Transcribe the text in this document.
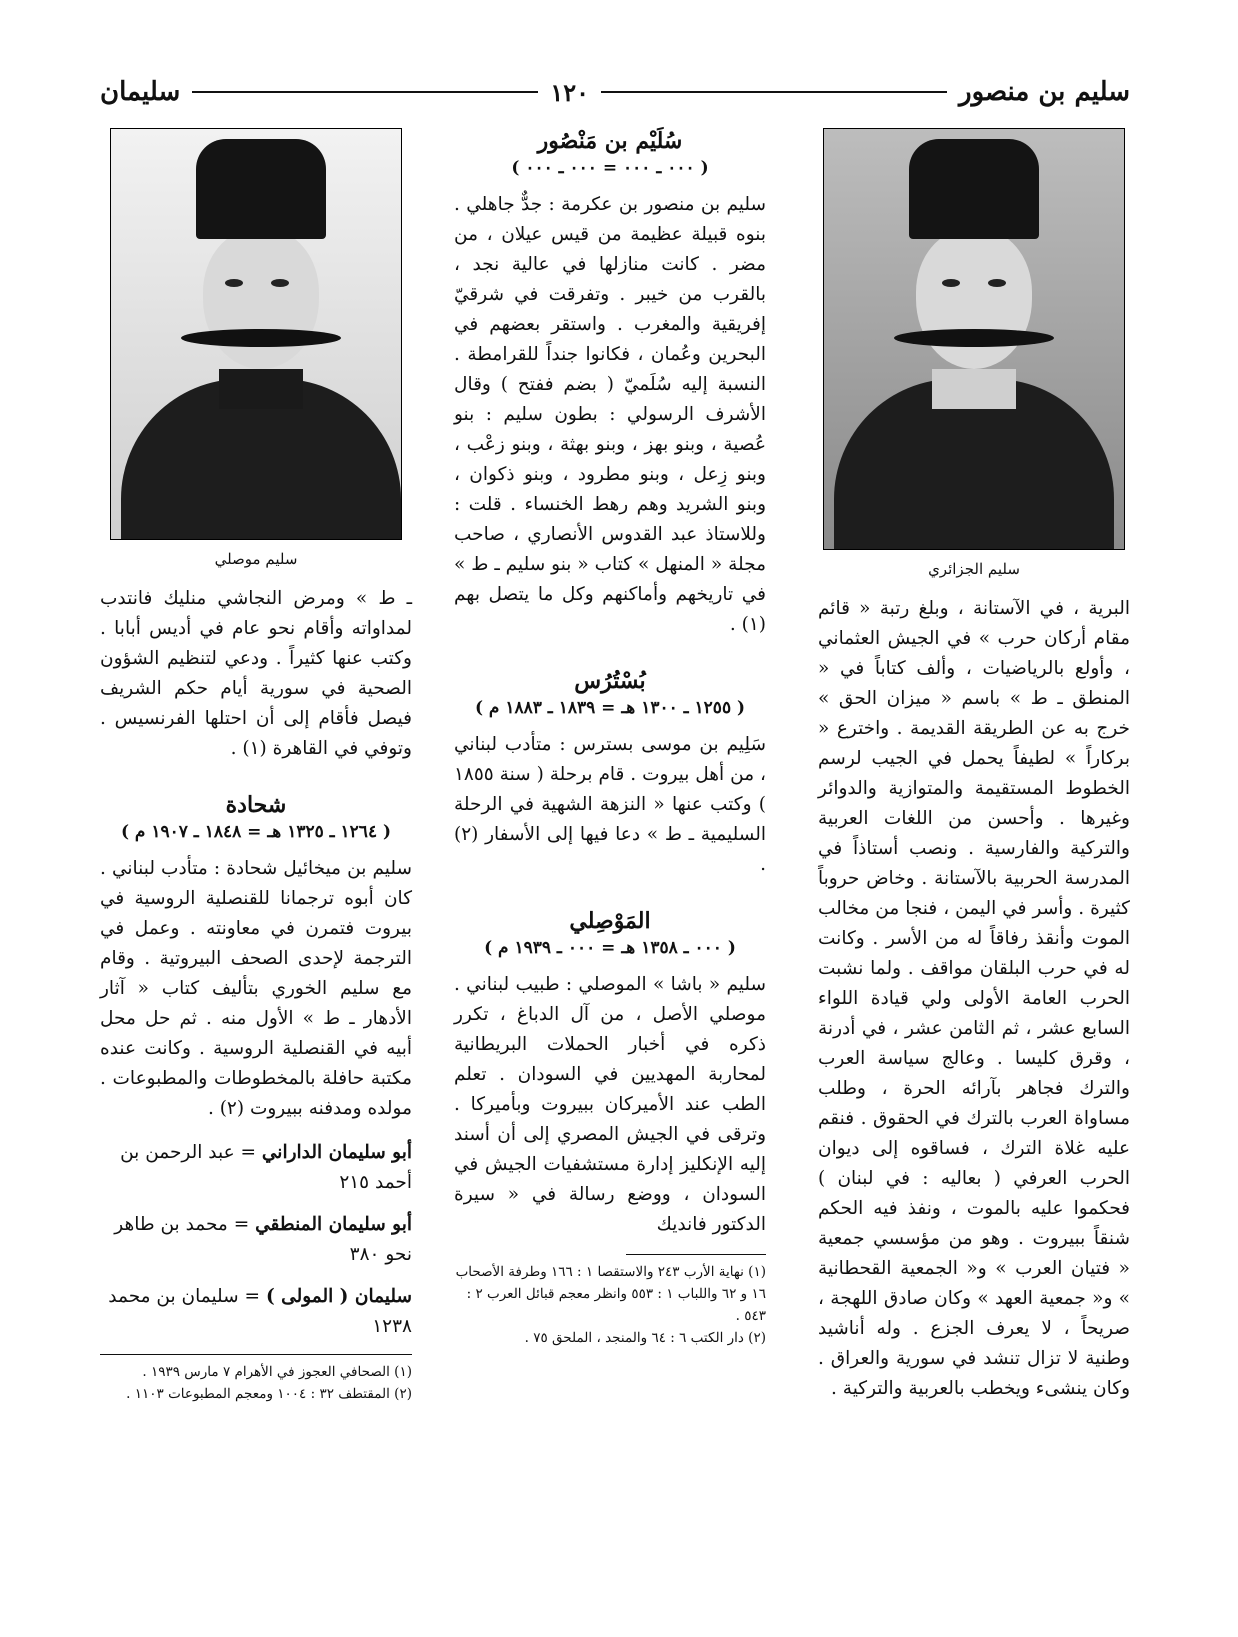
سليم بن منصور
١٢٠
سليمان
سليم الجزائري

البرية ، في الآستانة ، وبلغ رتبة « قائم مقام أركان حرب » في الجيش العثماني ، وأولع بالرياضيات ، وألف كتاباً في « المنطق ـ ط » باسم « ميزان الحق » خرج به عن الطريقة القديمة . واخترع « بركاراً » لطيفاً يحمل في الجيب لرسم الخطوط المستقيمة والمتوازية والدوائر وغيرها . وأحسن من اللغات العربية والتركية والفارسية . ونصب أستاذاً في المدرسة الحربية بالآستانة . وخاض حروباً كثيرة . وأسر في اليمن ، فنجا من مخالب الموت وأنقذ رفاقاً له من الأسر . وكانت له في حرب البلقان مواقف . ولما نشبت الحرب العامة الأولى ولي قيادة اللواء السابع عشر ، ثم الثامن عشر ، في أدرنة ، وقرق كليسا . وعالج سياسة العرب والترك فجاهر بآرائه الحرة ، وطلب مساواة العرب بالترك في الحقوق . فنقم عليه غلاة الترك ، فساقوه إلى ديوان الحرب العرفي ( بعاليه : في لبنان ) فحكموا عليه بالموت ، ونفذ فيه الحكم شنقاً ببيروت . وهو من مؤسسي جمعية « فتيان العرب » و« الجمعية القحطانية » و« جمعية العهد » وكان صادق اللهجة ، صريحاً ، لا يعرف الجزع . وله أناشيد وطنية لا تزال تنشد في سورية والعراق . وكان ينشىء ويخطب بالعربية والتركية .

سُلَيْم بن مَنْصُور
( ٠٠٠ ـ ٠٠٠ = ٠٠٠ ـ ٠٠٠ )

سليم بن منصور بن عكرمة : جدٌّ جاهلي . بنوه قبيلة عظيمة من قيس عيلان ، من مضر . كانت منازلها في عالية نجد ، بالقرب من خيبر . وتفرقت في شرقيّ إفريقية والمغرب . واستقر بعضهم في البحرين وعُمان ، فكانوا جنداً للقرامطة . النسبة إليه سُلَميّ ( بضم ففتح ) وقال الأشرف الرسولي : بطون سليم : بنو عُصية ، وبنو بهز ، وبنو بهثة ، وبنو زعْب ، وبنو زِعل ، وبنو مطرود ، وبنو ذكوان ، وبنو الشريد وهم رهط الخنساء . قلت : وللاستاذ عبد القدوس الأنصاري ، صاحب مجلة « المنهل » كتاب « بنو سليم ـ ط » في تاريخهم وأماكنهم وكل ما يتصل بهم (١) .

بُسْتُرُس
( ١٢٥٥ ـ ١٣٠٠ هـ = ١٨٣٩ ـ ١٨٨٣ م )

سَلِيم بن موسى بسترس : متأدب لبناني ، من أهل بيروت . قام برحلة ( سنة ١٨٥٥ ) وكتب عنها « النزهة الشهية في الرحلة السليمية ـ ط » دعا فيها إلى الأسفار (٢) .

المَوْصِلي
( ٠٠٠ ـ ١٣٥٨ هـ = ٠٠٠ ـ ١٩٣٩ م )

سليم « باشا » الموصلي : طبيب لبناني . موصلي الأصل ، من آل الدباغ ، تكرر ذكره في أخبار الحملات البريطانية لمحاربة المهديين في السودان . تعلم الطب عند الأميركان ببيروت وبأميركا . وترقى في الجيش المصري إلى أن أسند إليه الإنكليز إدارة مستشفيات الجيش في السودان ، ووضع رسالة في « سيرة الدكتور فانديك

(١) نهاية الأرب ٢٤٣ والاستقصا ١ : ١٦٦ وطرفة الأصحاب ١٦ و ٦٢ واللباب ١ : ٥٥٣ وانظر معجم قبائل العرب ٢ : ٥٤٣ .

(٢) دار الكتب ٦ : ٦٤ والمنجد ، الملحق ٧٥ .

سليم موصلي

ـ ط » ومرض النجاشي منليك فانتدب لمداواته وأقام نحو عام في أديس أبابا . وكتب عنها كثيراً . ودعي لتنظيم الشؤون الصحية في سورية أيام حكم الشريف فيصل فأقام إلى أن احتلها الفرنسيس . وتوفي في القاهرة (١) .

شحادة
( ١٢٦٤ ـ ١٣٢٥ هـ = ١٨٤٨ ـ ١٩٠٧ م )

سليم بن ميخائيل شحادة : متأدب لبناني . كان أبوه ترجمانا للقنصلية الروسية في بيروت فتمرن في معاونته . وعمل في الترجمة لإحدى الصحف البيروتية . وقام مع سليم الخوري بتأليف كتاب « آثار الأدهار ـ ط » الأول منه . ثم حل محل أبيه في القنصلية الروسية . وكانت عنده مكتبة حافلة بالمخطوطات والمطبوعات . مولده ومدفنه ببيروت (٢) .

أبو سليمان الداراني = عبد الرحمن بن أحمد ٢١٥
أبو سليمان المنطقي = محمد بن طاهر نحو ٣٨٠
سليمان ( المولى ) = سليمان بن محمد ١٢٣٨

(١) الصحافي العجوز في الأهرام ٧ مارس ١٩٣٩ .

(٢) المقتطف ٣٢ : ١٠٠٤ ومعجم المطبوعات ١١٠٣ .
